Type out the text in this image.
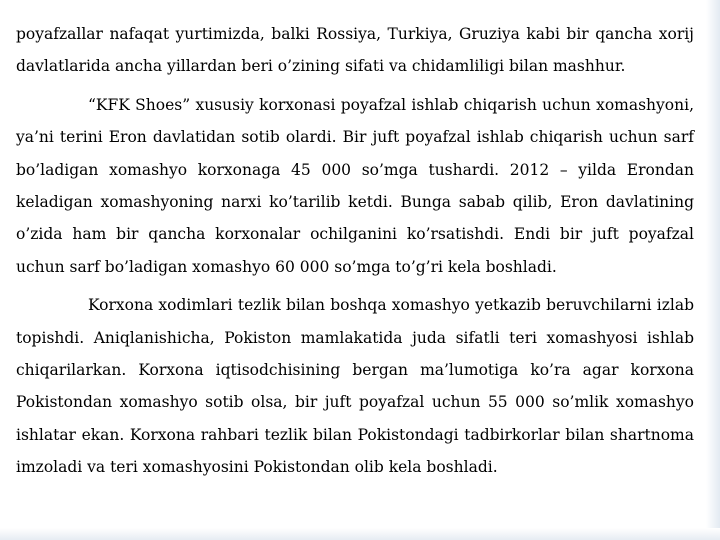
poyafzallar nafaqat yurtimizda, balki Rossiya, Turkiya, Gruziya kabi bir qancha xorij davlatlarida ancha yillardan beri o’zining sifati va chidamliligi bilan mashhur.

“KFK Shoes” xususiy korxonasi poyafzal ishlab chiqarish uchun xomashyoni, ya’ni terini Eron davlatidan sotib olardi. Bir juft poyafzal ishlab chiqarish uchun sarf bo’ladigan xomashyo korxonaga 45 000 so’mga tushardi. 2012 – yilda Erondan keladigan xomashyoning narxi ko’tarilib ketdi. Bunga sabab qilib, Eron davlatining o’zida ham bir qancha korxonalar ochilganini ko’rsatishdi. Endi bir juft poyafzal uchun sarf bo’ladigan xomashyo 60 000 so’mga to’g’ri kela boshladi.

Korxona xodimlari tezlik bilan boshqa xomashyo yetkazib beruvchilarni izlab topishdi. Aniqlanishicha, Pokiston mamlakatida juda sifatli teri xomashyosi ishlab chiqarilarkan. Korxona iqtisodchisining bergan ma’lumotiga ko’ra agar korxona Pokistondan xomashyo sotib olsa, bir juft poyafzal uchun 55 000 so’mlik xomashyo ishlatar ekan. Korxona rahbari tezlik bilan Pokistondagi tadbirkorlar bilan shartnoma imzoladi va teri xomashyosini Pokistondan olib kela boshladi.
